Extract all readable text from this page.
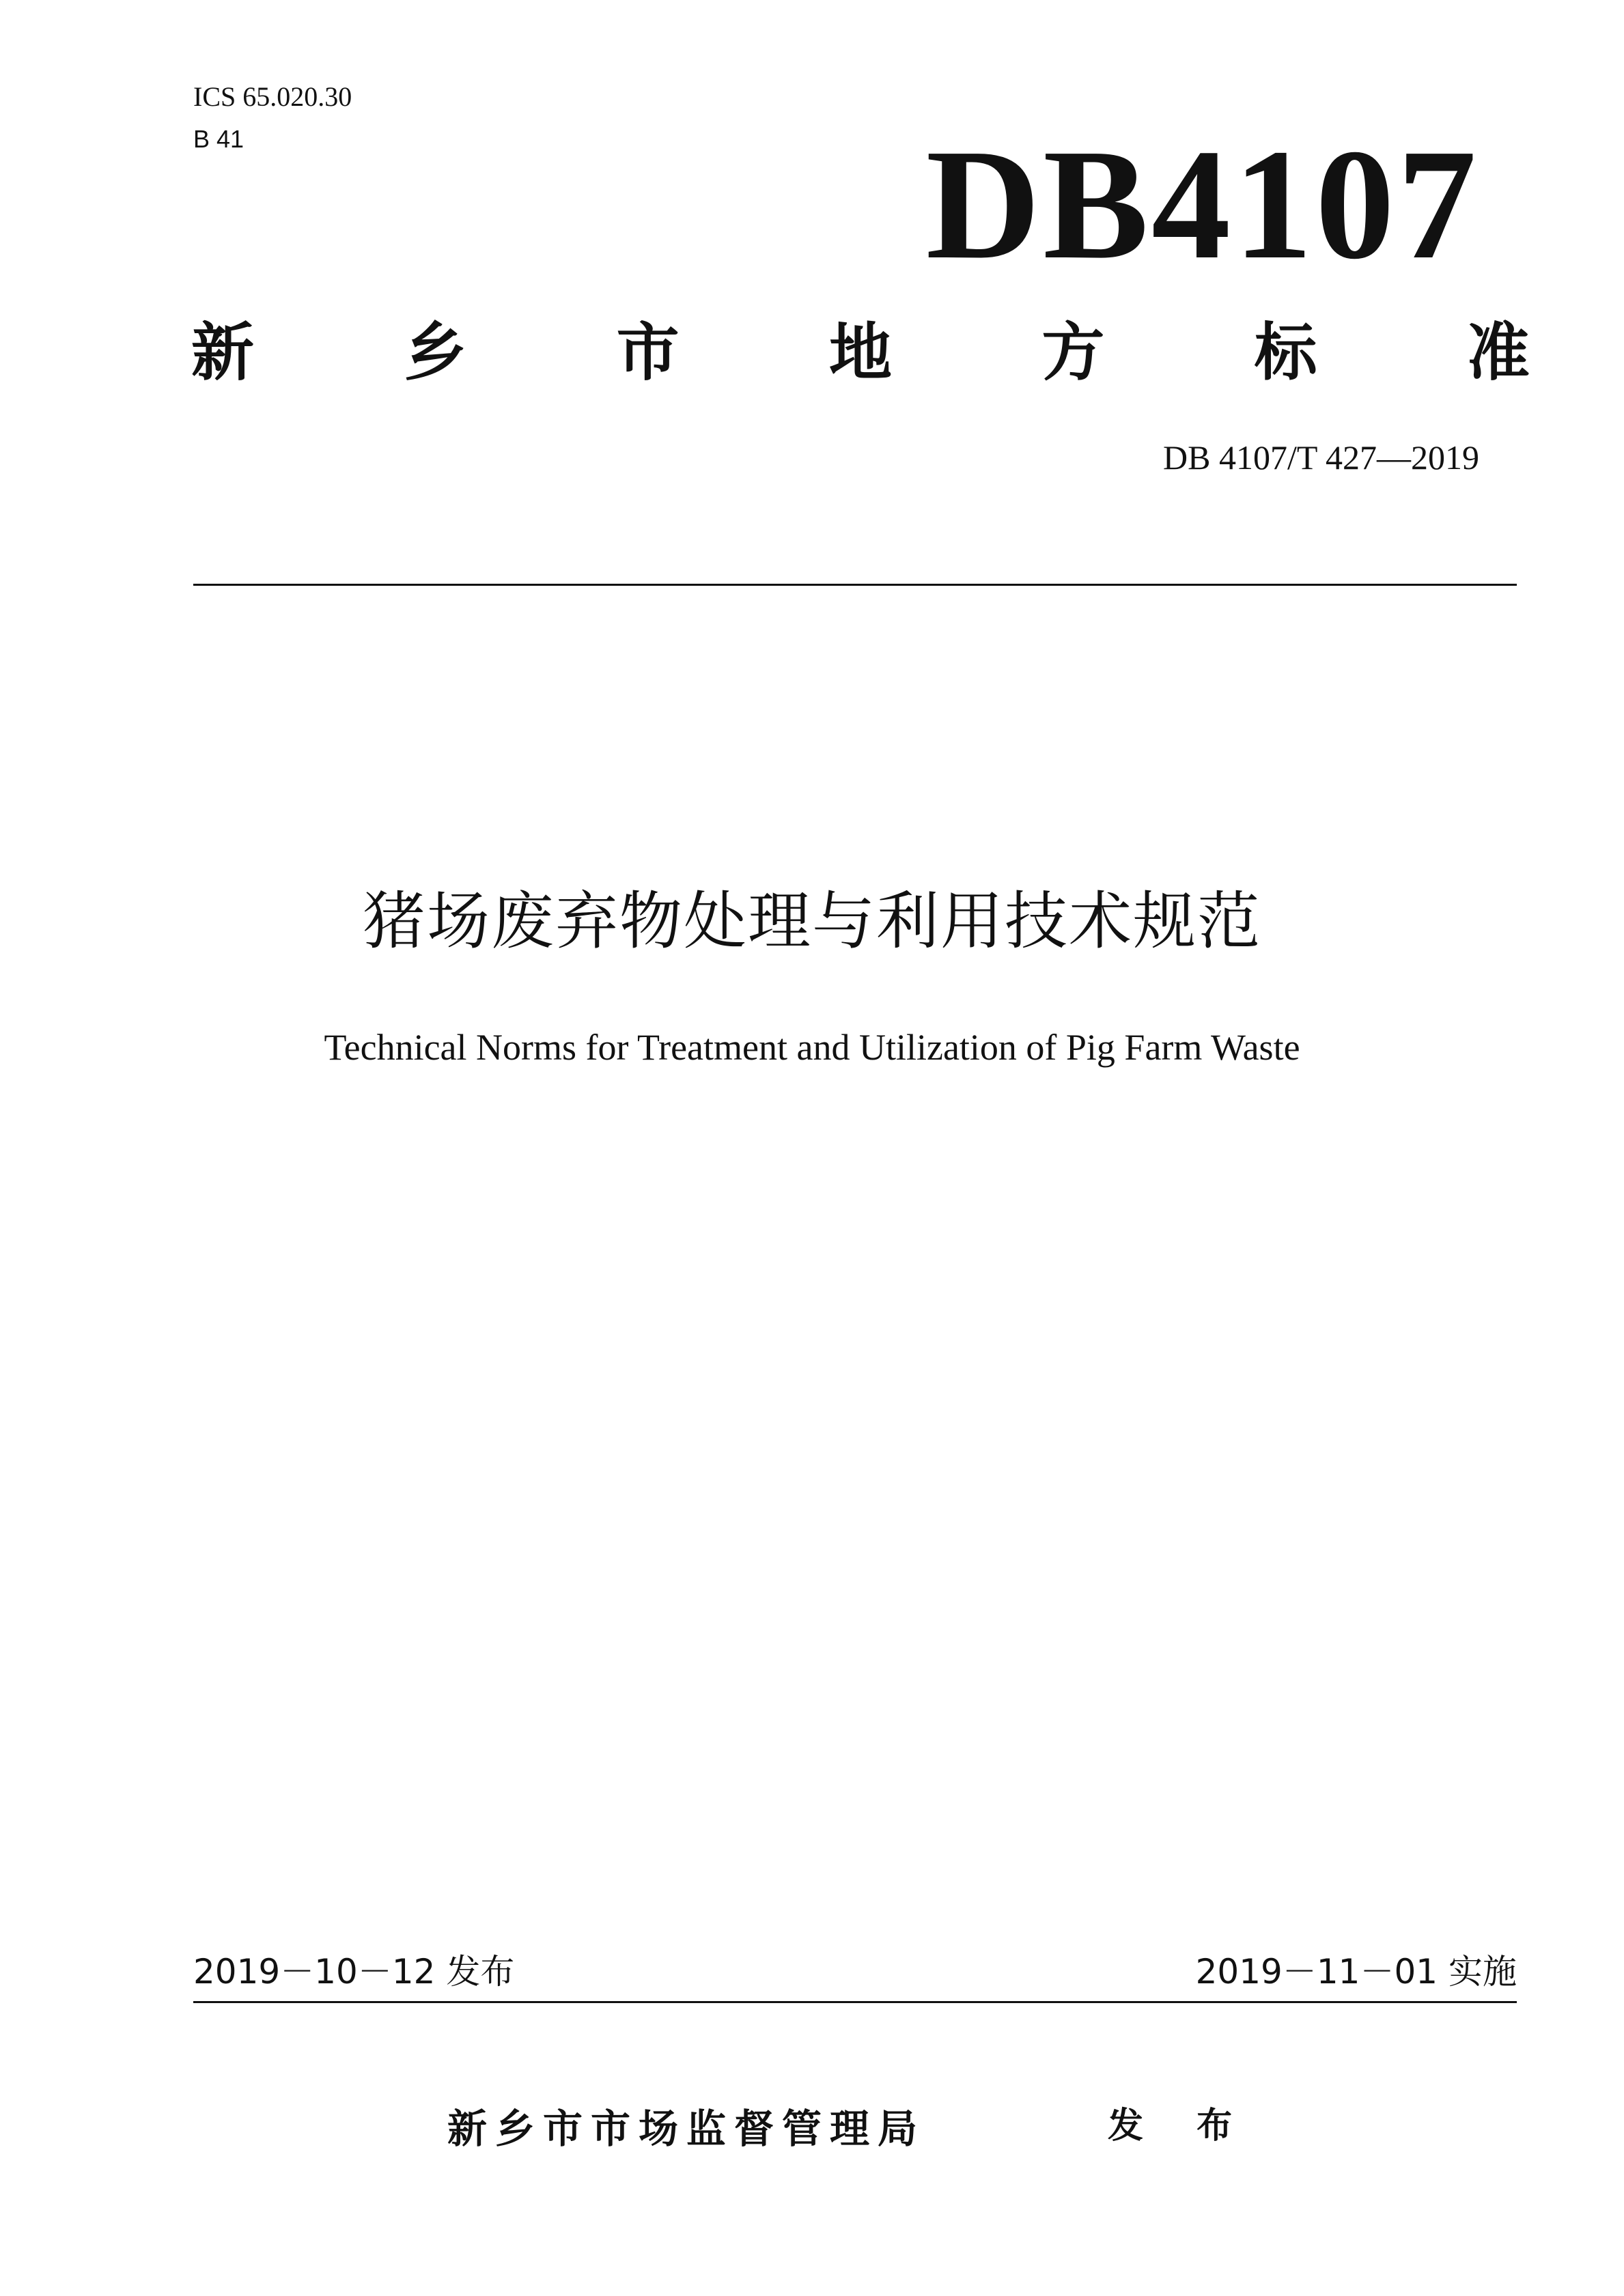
ICS 65.020.30
B 41	DB4107
新 乡 市 地 方 标 准
DB 4107/T 427—2019
猪场废弃物处理与利用技术规范
Technical Norms for Treatment and Utilization of Pig Farm Waste
2019－10－12 发布	2019－11－01 实施
新乡市市场监督管理局	发 布
